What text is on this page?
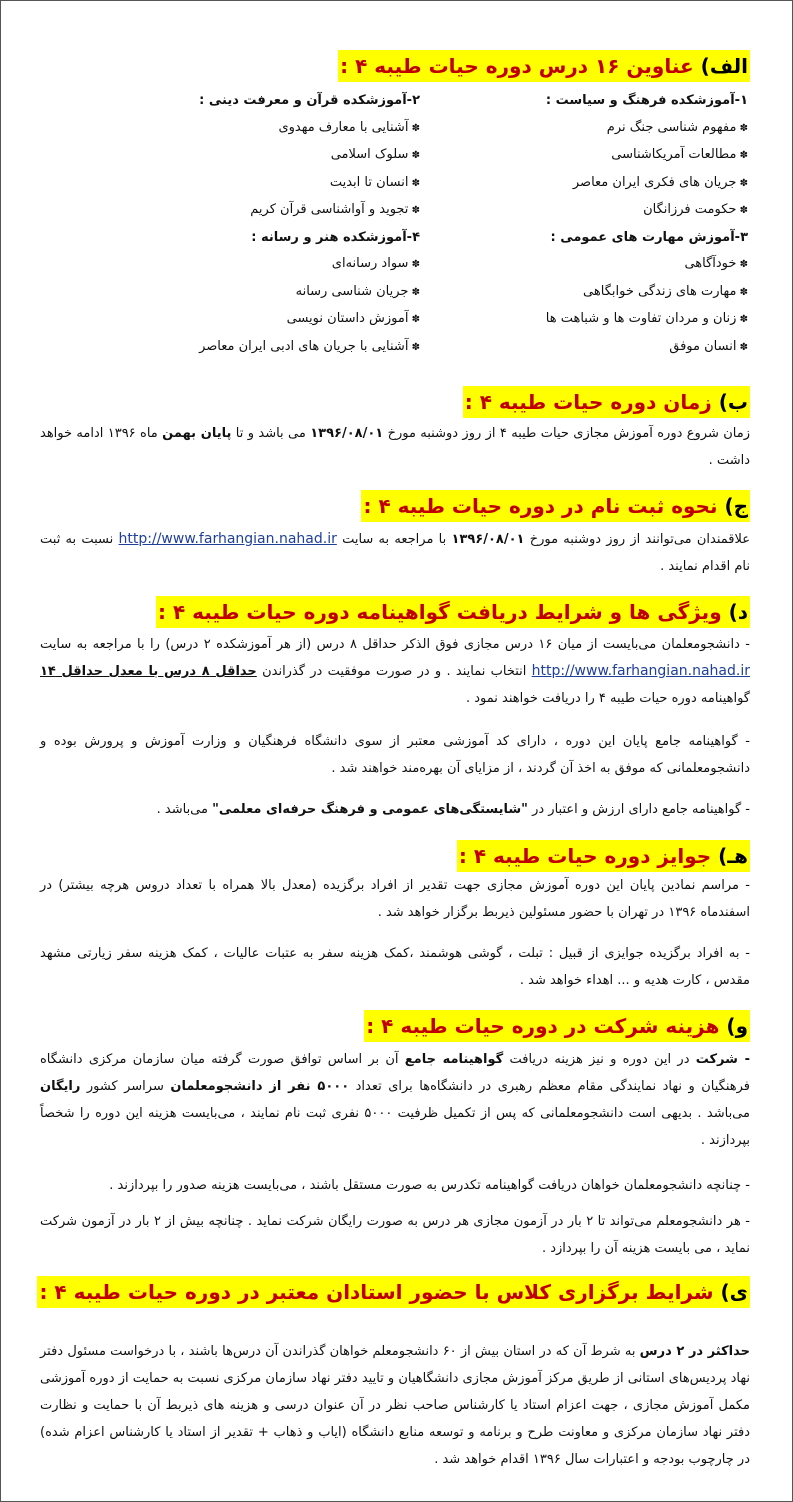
الف) عناوین ۱۶ درس دوره حیات طیبه ۴ :
۱-آموزشکده فرهنگ و سیاست :
✽ مفهوم شناسی جنگ نرم
✽ مطالعات آمریکاشناسی
✽ جریان های فکری ایران معاصر
✽ حکومت فرزانگان
۳-آموزش مهارت های عمومی :
✽ خودآگاهی
✽ مهارت های زندگی خوابگاهی
✽ زنان و مردان تفاوت ها و شباهت ها
✽ انسان موفق
۲-آموزشکده قرآن و معرفت دینی :
✽ آشنایی با معارف مهدوی
✽ سلوک اسلامی
✽ انسان تا ابدیت
✽ تجوید و آواشناسی قرآن کریم
۴-آموزشکده هنر و رسانه :
✽ سواد رسانه‌ای
✽ جریان شناسی رسانه
✽ آموزش داستان نویسی
✽ آشنایی با جریان های ادبی ایران معاصر
ب) زمان دوره حیات طیبه ۴ :
زمان شروع دوره آموزش مجازی حیات طیبه ۴ از روز دوشنبه مورخ ۱۳۹۶/۰۸/۰۱ می باشد و تا پایان بهمن ماه ۱۳۹۶ ادامه خواهد داشت .
ج) نحوه ثبت نام در دوره حیات طیبه ۴ :
علاقمندان می‌توانند از روز دوشنبه مورخ ۱۳۹۶/۰۸/۰۱ با مراجعه به سایت http://www.farhangian.nahad.ir نسبت به ثبت نام اقدام نمایند .
د) ویژگی ها و شرایط دریافت گواهینامه دوره حیات طیبه ۴ :
- دانشجومعلمان می‌بایست از میان ۱۶ درس مجازی فوق الذکر حداقل ۸ درس (از هر آموزشکده ۲ درس) را با مراجعه به سایت http://www.farhangian.nahad.ir انتخاب نمایند . و در صورت موفقیت در گذراندن حداقل ۸ درس با معدل حداقل ۱۴ گواهینامه دوره حیات طیبه ۴ را دریافت خواهند نمود .
- گواهینامه جامع پایان این دوره ، دارای کد آموزشی معتبر از سوی دانشگاه فرهنگیان و وزارت آموزش و پرورش بوده و دانشجومعلمانی که موفق به اخذ آن گردند ، از مزایای آن بهره‌مند خواهند شد .
- گواهینامه جامع دارای ارزش و اعتبار در "شایستگی‌های عمومی و فرهنگ حرفه‌ای معلمی" می‌باشد .
هـ) جوایز دوره حیات طیبه ۴ :
- مراسم نمادین پایان این دوره آموزش مجازی جهت تقدیر از افراد برگزیده (معدل بالا همراه با تعداد دروس هرچه بیشتر) در اسفندماه ۱۳۹۶ در تهران با حضور مسئولین ذیربط برگزار خواهد شد .
- به افراد برگزیده جوایزی از قبیل : تبلت ، گوشی هوشمند ،کمک هزینه سفر به عتبات عالیات ، کمک هزینه سفر زیارتی مشهد مقدس ، کارت هدیه و ... اهداء خواهد شد .
و) هزینه شرکت در دوره حیات طیبه ۴ :
- شرکت در این دوره و نیز هزینه دریافت گواهینامه جامع آن بر اساس توافق صورت گرفته میان سازمان مرکزی دانشگاه فرهنگیان و نهاد نمایندگی مقام معظم رهبری در دانشگاه‌ها برای تعداد ۵۰۰۰ نفر از دانشجومعلمان سراسر کشور رایگان می‌باشد . بدیهی است دانشجومعلمانی که پس از تکمیل ظرفیت ۵۰۰۰ نفری ثبت نام نمایند ، می‌بایست هزینه این دوره را شخصاً بپردازند .
- چنانچه دانشجومعلمان خواهان دریافت گواهینامه تکدرس به صورت مستقل باشند ، می‌بایست هزینه صدور را بپردازند .
- هر دانشجومعلم می‌تواند تا ۲ بار در آزمون مجازی هر درس به صورت رایگان شرکت نماید . چنانچه بیش از ۲ بار در آزمون شرکت نماید ، می بایست هزینه آن را بپردازد .
ی) شرایط برگزاری کلاس با حضور استادان معتبر در دوره حیات طیبه ۴ :
حداکثر در ۲ درس به شرط آن که در استان بیش از ۶۰ دانشجومعلم خواهان گذراندن آن درس‌ها باشند ، با درخواست مسئول دفتر نهاد پردیس‌های استانی از طریق مرکز آموزش مجازی دانشگاهیان و تایید دفتر نهاد سازمان مرکزی نسبت به حمایت از دوره آموزشی مکمل آموزش مجازی ، جهت اعزام استاد یا کارشناس صاحب نظر در آن عنوان درسی و هزینه های ذیربط آن با حمایت و نظارت دفتر نهاد سازمان مرکزی و معاونت طرح و برنامه و توسعه منابع دانشگاه (ایاب و ذهاب + تقدیر از استاد یا کارشناس اعزام شده) در چارچوب بودجه و اعتبارات سال ۱۳۹۶ اقدام خواهد شد .
